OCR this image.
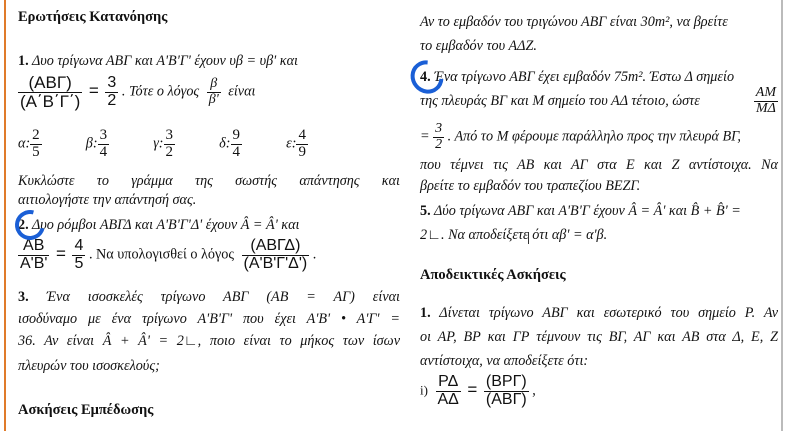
Ερωτήσεις Κατανόησης
1. Δυο τρίγωνα ΑΒΓ και Α'Β'Γ' έχουν υβ = υβ' και
$\frac{\text{(ΑΒΓ)}}{(A΄B΄\Gamma΄)} = \frac{3}{2}$ . Τότε ο λόγος $\frac{\beta}{\beta'}$ είναι
α: $\frac{2}{5}$	β: $\frac{3}{4}$	γ: $\frac{3}{2}$	δ: $\frac{9}{4}$	ε: $\frac{4}{9}$
Κυκλώστε το γράμμα της σωστής απάντησης και
αιτιολογήστε την απάντησή σας.
2. Δυο ρόμβοι ΑΒΓΔ και Α'Β'Γ'Δ' έχουν Â = Â' και
$\frac{AB}{A'B'} = \frac{4}{5}$ . Να υπολογισθεί ο λόγος $\frac{\text{(ΑΒΓΔ)}}{(A'B'\Gamma'\Delta')}$ .
3. Ένα ισοσκελές τρίγωνο ΑΒΓ (ΑΒ = ΑΓ) είναι
ισοδύναμο με ένα τρίγωνο Α'Β'Γ' που έχει Α'Β' • Α'Γ' =
36. Αν είναι Â + Â' = 2∟, ποιο είναι το μήκος των ίσων
πλευρών του ισοσκελούς;
Ασκήσεις Εμπέδωσης
Αν το εμβαδόν του τριγώνου ΑΒΓ είναι 30m², να βρείτε
το εμβαδόν του ΑΔΖ.
4. Ένα τρίγωνο ΑΒΓ έχει εμβαδόν 75m². Έστω Δ σημείο
της πλευράς ΒΓ και Μ σημείο του ΑΔ τέτοιο, ώστε	$\frac{AM}{M\Delta}$
= $\frac{3}{2}$ . Από το Μ φέρουμε παράλληλο προς την πλευρά ΒΓ,
που τέμνει τις ΑΒ και ΑΓ στα Ε και Ζ αντίστοιχα. Να
βρείτε το εμβαδόν του τραπεζίου ΒΕΖΓ.
5. Δύο τρίγωνα ΑΒΓ και Α'Β'Γ έχουν Â = Â' και B̂ + B̂' =
2∟. Να αποδείξετε ότι αβ' = α'β.
Αποδεικτικές Ασκήσεις
1. Δίνεται τρίγωνο ΑΒΓ και εσωτερικό του σημείο Ρ. Αν
οι ΑΡ, ΒΡ και ΓΡ τέμνουν τις ΒΓ, ΑΓ και ΑΒ στα Δ, Ε, Ζ
αντίστοιχα, να αποδείξετε ότι:
$i) \frac{P\Delta}{A\Delta} = \frac{\text{(ΒΡΓ)}}{\text{(ΑΒΓ)}}$ ,
